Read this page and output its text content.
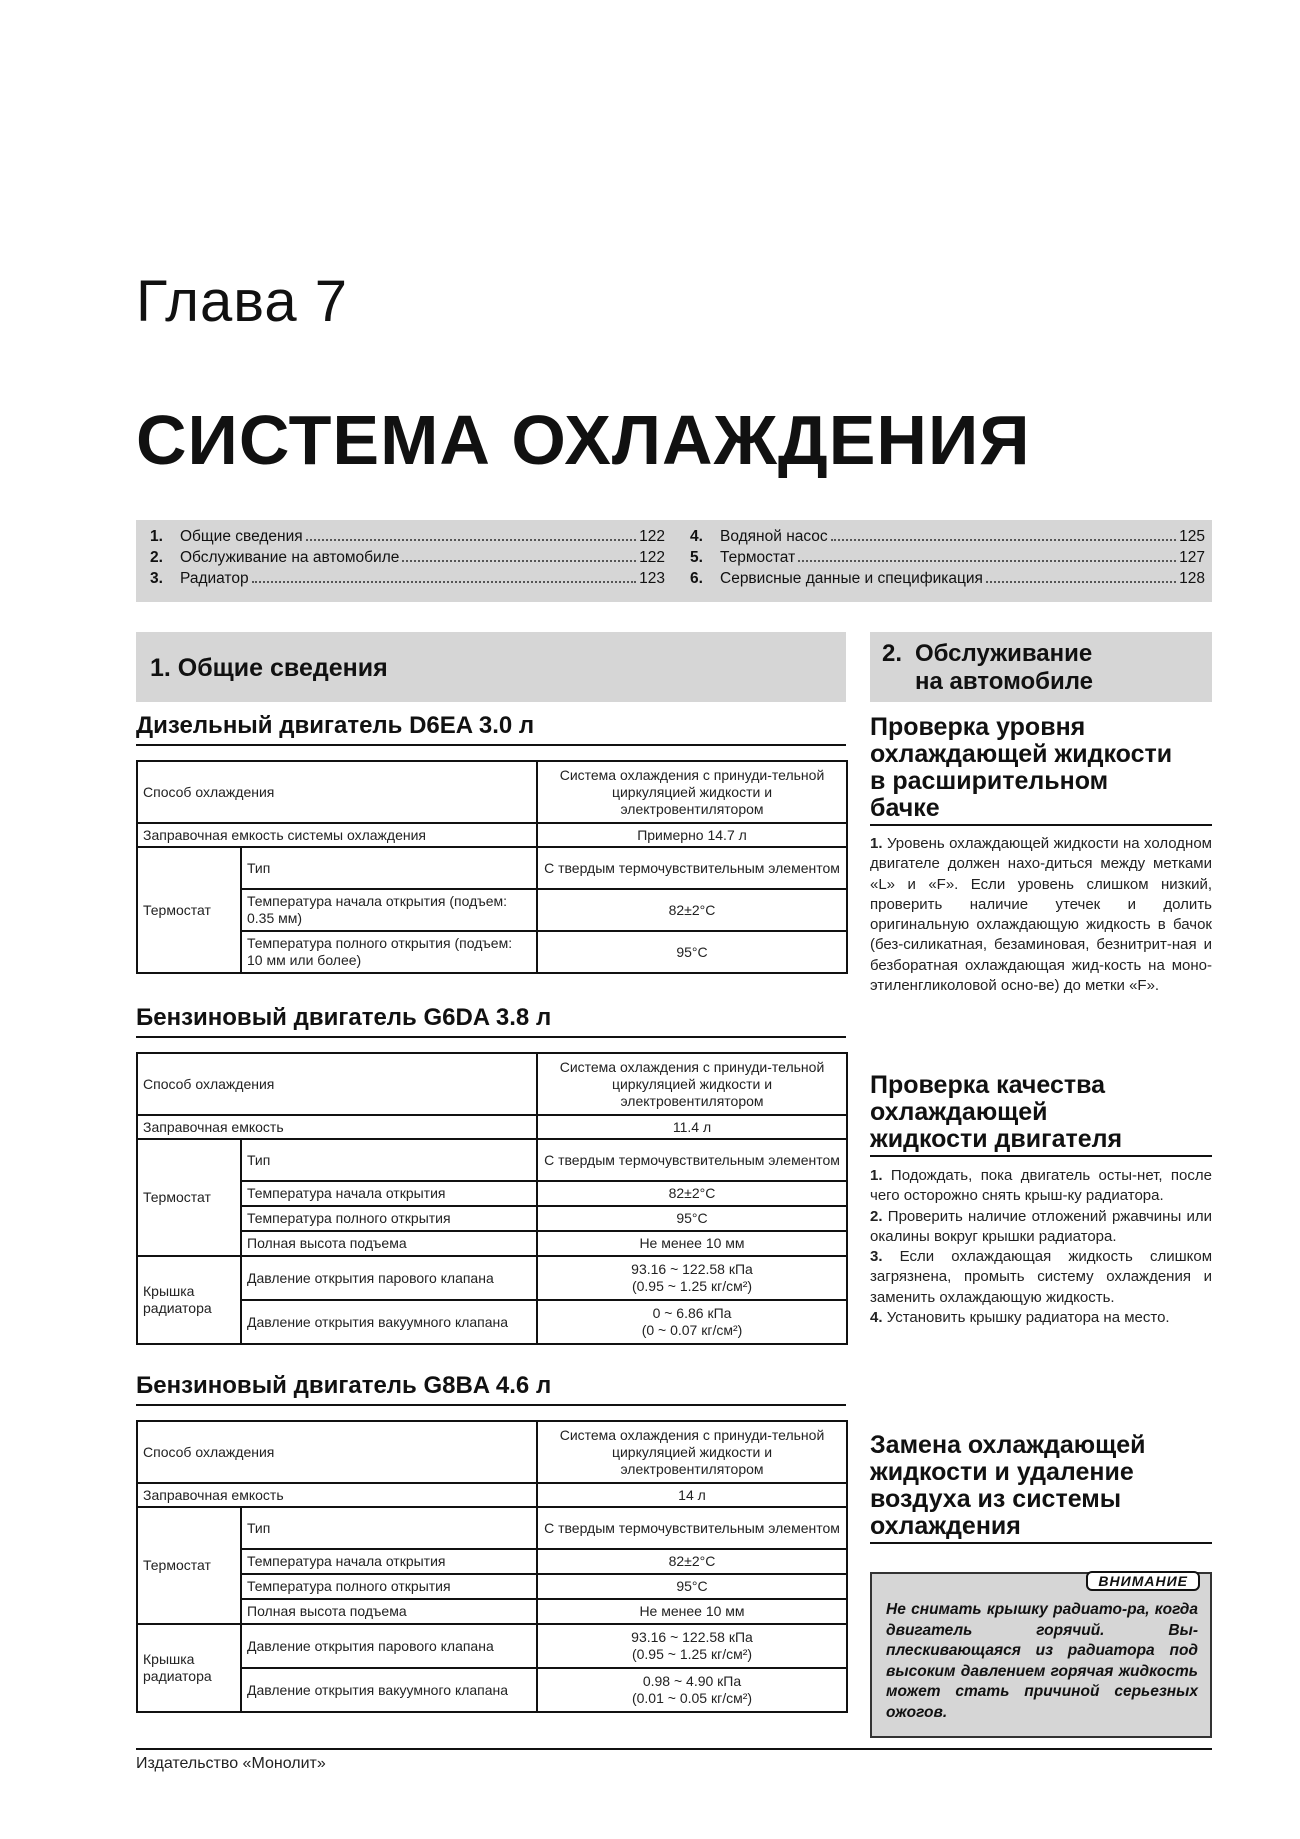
Глава 7
СИСТЕМА ОХЛАЖДЕНИЯ
1.	Общие сведения	122
2.	Обслуживание на автомобиле	122
3.	Радиатор	123
4.	Водяной насос	125
5.	Термостат	127
6.	Сервисные данные и спецификация	128
1. Общие сведения
2. Обслуживание
на автомобиле
Дизельный двигатель D6EA 3.0 л
Способ охлаждения		Система охлаждения с принуди-тельной циркуляцией жидкости и электровентилятором
Заправочная емкость системы охлаждения		Примерно 14.7 л
Термостат	Тип	С твердым термочувствительным элементом
	Температура начала открытия (подъем: 0.35 мм)	82±2°С
	Температура полного открытия (подъем: 10 мм или более)	95°С
Бензиновый двигатель G6DA 3.8 л
Способ охлаждения		Система охлаждения с принуди-тельной циркуляцией жидкости и электровентилятором
Заправочная емкость		11.4 л
Термостат	Тип	С твердым термочувствительным элементом
	Температура начала открытия	82±2°С
	Температура полного открытия	95°С
	Полная высота подъема	Не менее 10 мм
Крышка радиатора	Давление открытия парового клапана	93.16 ~ 122.58 кПа
(0.95 ~ 1.25 кг/см²)

	Давление открытия вакуумного клапана	0 ~ 6.86 кПа
(0 ~ 0.07 кг/см²)
Бензиновый двигатель G8BA 4.6 л
Способ охлаждения		Система охлаждения с принуди-тельной циркуляцией жидкости и электровентилятором
Заправочная емкость		14 л
Термостат	Тип	С твердым термочувствительным элементом
	Температура начала открытия	82±2°С
	Температура полного открытия	95°С
	Полная высота подъема	Не менее 10 мм
Крышка радиатора	Давление открытия парового клапана	93.16 ~ 122.58 кПа
(0.95 ~ 1.25 кг/см²)

	Давление открытия вакуумного клапана	0.98 ~ 4.90 кПа
(0.01 ~ 0.05 кг/см²)
Проверка уровня
охлаждающей жидкости
в расширительном
бачке
1. Уровень охлаждающей жидкости на холодном двигателе должен нахо-диться между метками «L» и «F». Если уровень слишком низкий, проверить наличие утечек и долить оригинальную охлаждающую жидкость в бачок (без-силикатная, безаминовая, безнитрит-ная и безборатная охлаждающая жид-кость на моно-этиленгликоловой осно-ве) до метки «F».
Проверка качества
охлаждающей
жидкости двигателя
1. Подождать, пока двигатель осты-нет, после чего осторожно снять крыш-ку радиатора.
2. Проверить наличие отложений ржавчины или окалины вокруг крышки радиатора.
3. Если охлаждающая жидкость слишком загрязнена, промыть систему охлаждения и заменить охлаждающую жидкость.
4. Установить крышку радиатора на место.
Замена охлаждающей
жидкости и удаление
воздуха из системы
охлаждения
ВНИМАНИЕ
Не снимать крышку радиато-ра, когда двигатель горячий. Вы-плескивающаяся из радиатора под высоким давлением горячая жидкость может стать причиной серьезных ожогов.
Издательство «Монолит»
